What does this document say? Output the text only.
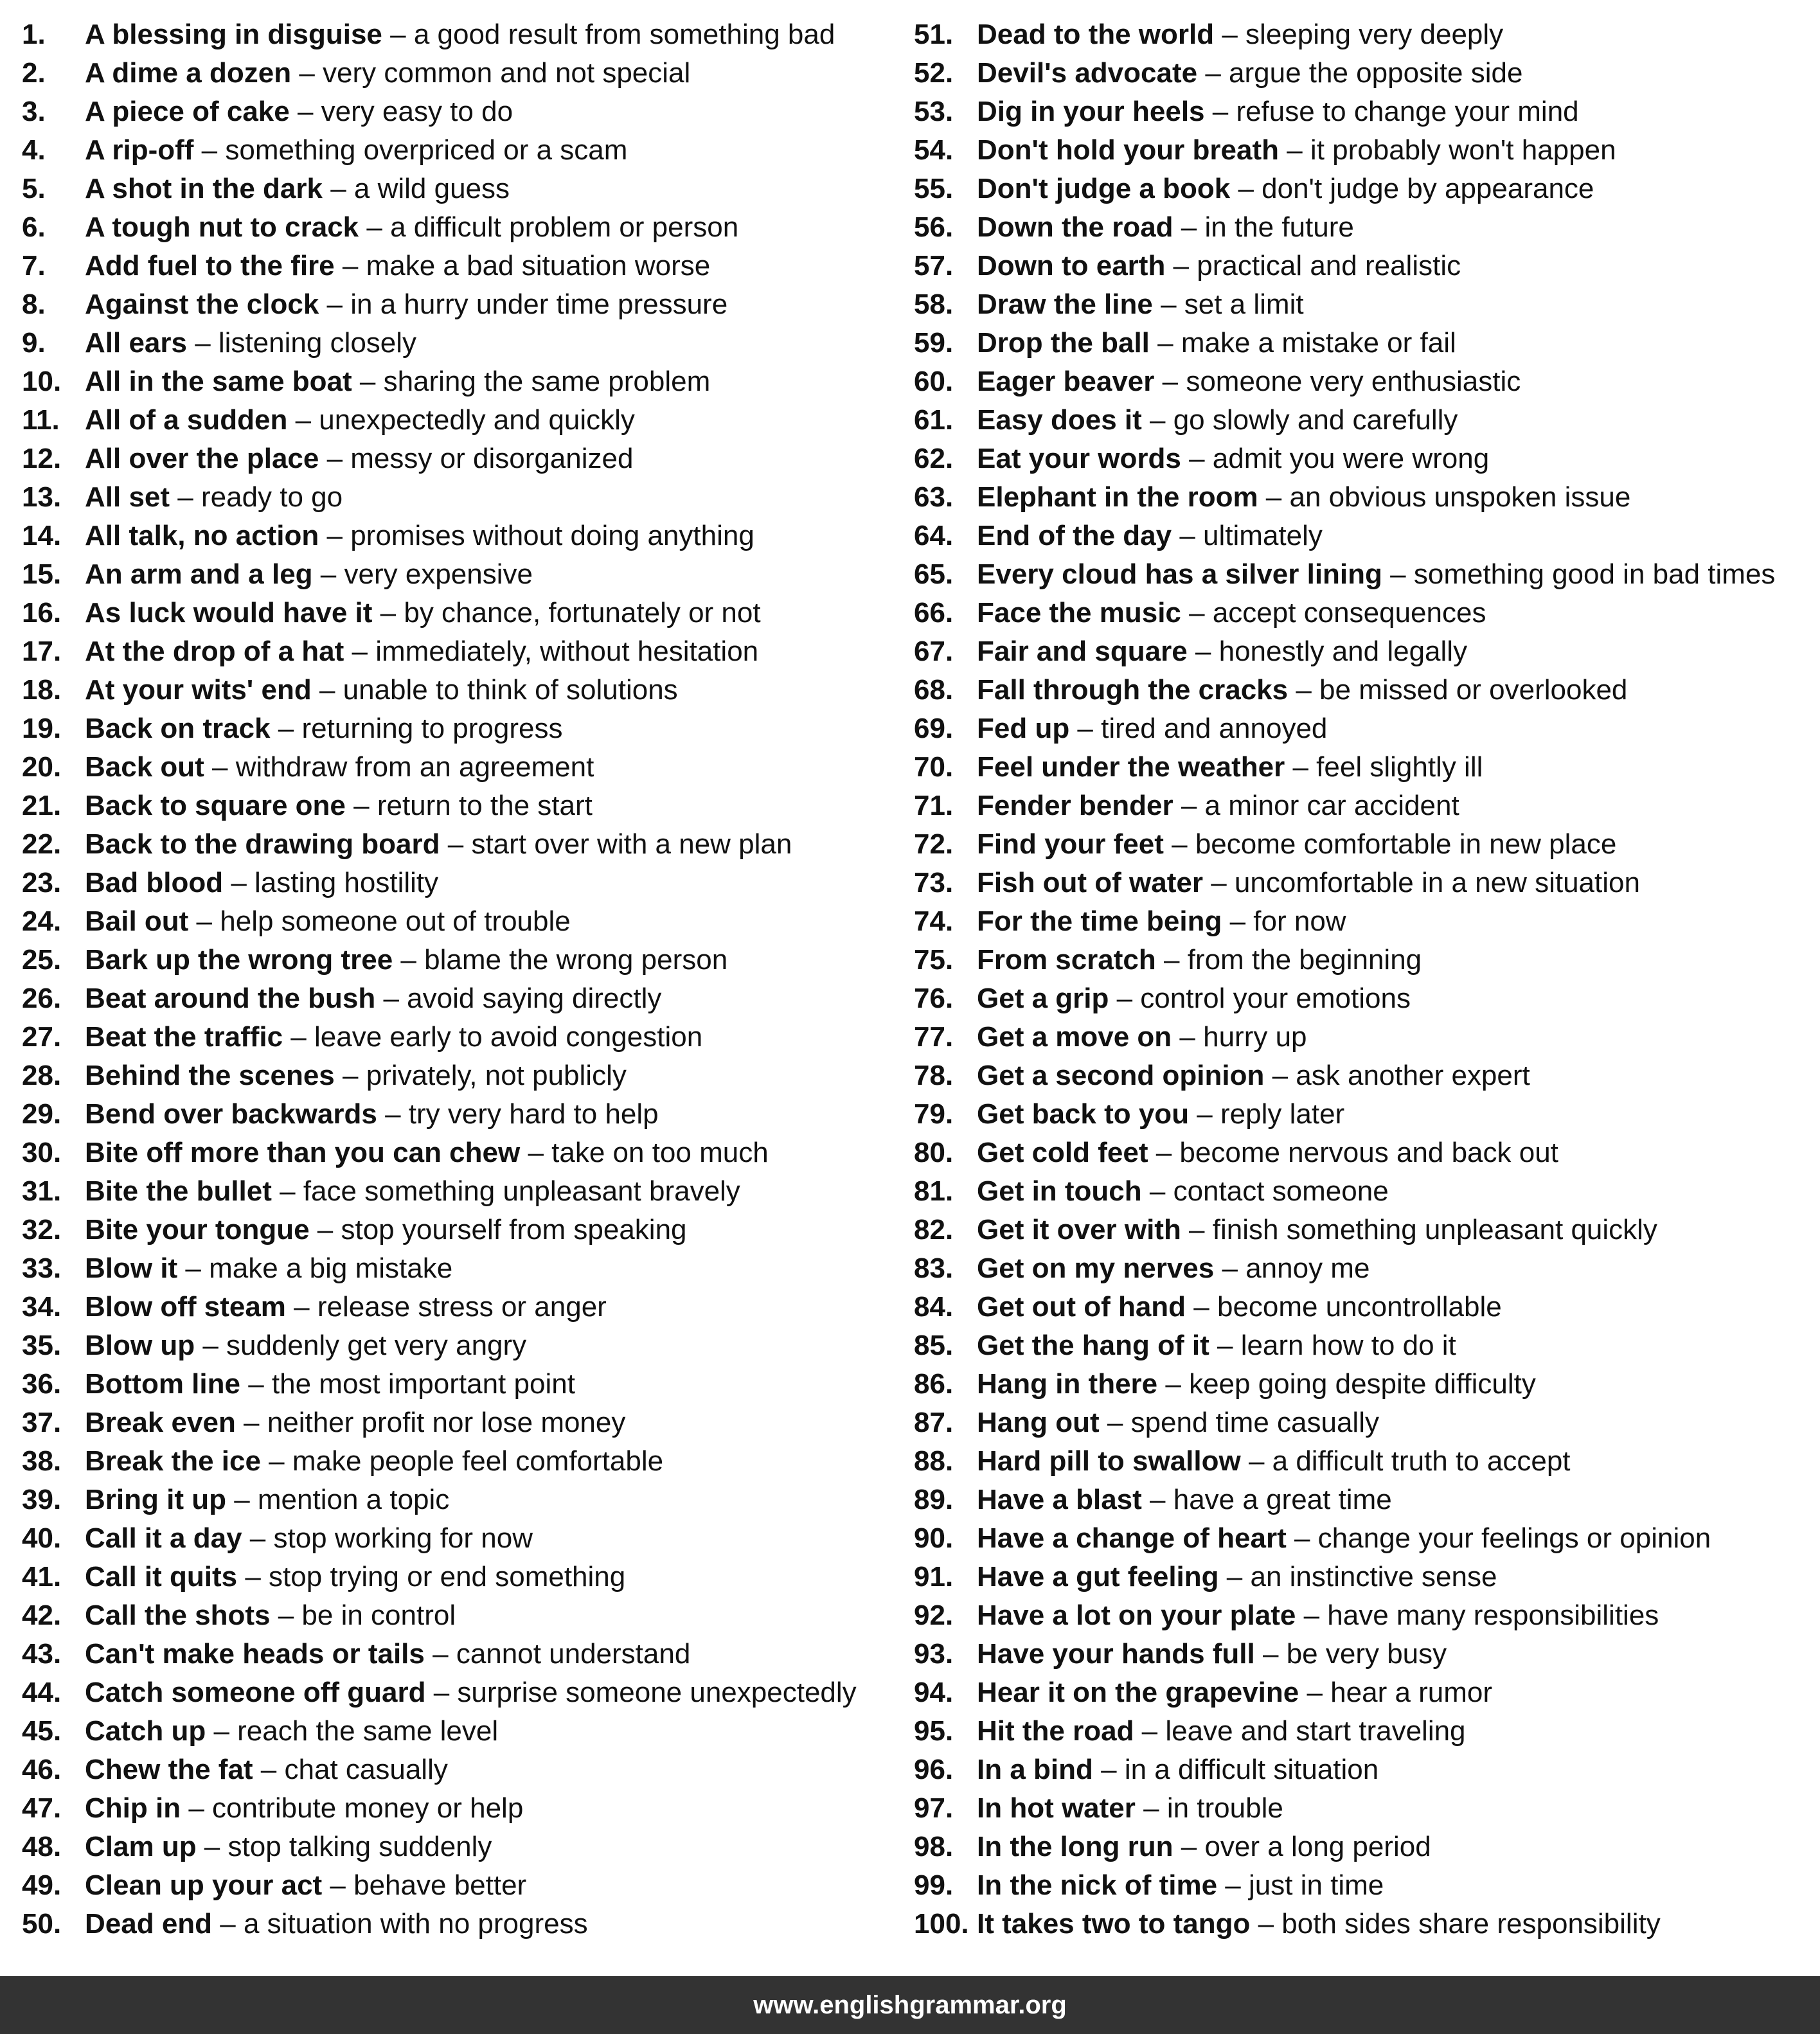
1. A blessing in disguise – a good result from something bad
2. A dime a dozen – very common and not special
3. A piece of cake – very easy to do
4. A rip-off – something overpriced or a scam
5. A shot in the dark – a wild guess
6. A tough nut to crack – a difficult problem or person
7. Add fuel to the fire – make a bad situation worse
8. Against the clock – in a hurry under time pressure
9. All ears – listening closely
10. All in the same boat – sharing the same problem
11. All of a sudden – unexpectedly and quickly
12. All over the place – messy or disorganized
13. All set – ready to go
14. All talk, no action – promises without doing anything
15. An arm and a leg – very expensive
16. As luck would have it – by chance, fortunately or not
17. At the drop of a hat – immediately, without hesitation
18. At your wits' end – unable to think of solutions
19. Back on track – returning to progress
20. Back out – withdraw from an agreement
21. Back to square one – return to the start
22. Back to the drawing board – start over with a new plan
23. Bad blood – lasting hostility
24. Bail out – help someone out of trouble
25. Bark up the wrong tree – blame the wrong person
26. Beat around the bush – avoid saying directly
27. Beat the traffic – leave early to avoid congestion
28. Behind the scenes – privately, not publicly
29. Bend over backwards – try very hard to help
30. Bite off more than you can chew – take on too much
31. Bite the bullet – face something unpleasant bravely
32. Bite your tongue – stop yourself from speaking
33. Blow it – make a big mistake
34. Blow off steam – release stress or anger
35. Blow up – suddenly get very angry
36. Bottom line – the most important point
37. Break even – neither profit nor lose money
38. Break the ice – make people feel comfortable
39. Bring it up – mention a topic
40. Call it a day – stop working for now
41. Call it quits – stop trying or end something
42. Call the shots – be in control
43. Can't make heads or tails – cannot understand
44. Catch someone off guard – surprise someone unexpectedly
45. Catch up – reach the same level
46. Chew the fat – chat casually
47. Chip in – contribute money or help
48. Clam up – stop talking suddenly
49. Clean up your act – behave better
50. Dead end – a situation with no progress
51. Dead to the world – sleeping very deeply
52. Devil's advocate – argue the opposite side
53. Dig in your heels – refuse to change your mind
54. Don't hold your breath – it probably won't happen
55. Don't judge a book – don't judge by appearance
56. Down the road – in the future
57. Down to earth – practical and realistic
58. Draw the line – set a limit
59. Drop the ball – make a mistake or fail
60. Eager beaver – someone very enthusiastic
61. Easy does it – go slowly and carefully
62. Eat your words – admit you were wrong
63. Elephant in the room – an obvious unspoken issue
64. End of the day – ultimately
65. Every cloud has a silver lining – something good in bad times
66. Face the music – accept consequences
67. Fair and square – honestly and legally
68. Fall through the cracks – be missed or overlooked
69. Fed up – tired and annoyed
70. Feel under the weather – feel slightly ill
71. Fender bender – a minor car accident
72. Find your feet – become comfortable in new place
73. Fish out of water – uncomfortable in a new situation
74. For the time being – for now
75. From scratch – from the beginning
76. Get a grip – control your emotions
77. Get a move on – hurry up
78. Get a second opinion – ask another expert
79. Get back to you – reply later
80. Get cold feet – become nervous and back out
81. Get in touch – contact someone
82. Get it over with – finish something unpleasant quickly
83. Get on my nerves – annoy me
84. Get out of hand – become uncontrollable
85. Get the hang of it – learn how to do it
86. Hang in there – keep going despite difficulty
87. Hang out – spend time casually
88. Hard pill to swallow – a difficult truth to accept
89. Have a blast – have a great time
90. Have a change of heart – change your feelings or opinion
91. Have a gut feeling – an instinctive sense
92. Have a lot on your plate – have many responsibilities
93. Have your hands full – be very busy
94. Hear it on the grapevine – hear a rumor
95. Hit the road – leave and start traveling
96. In a bind – in a difficult situation
97. In hot water – in trouble
98. In the long run – over a long period
99. In the nick of time – just in time
100. It takes two to tango – both sides share responsibility
www.englishgrammar.org
